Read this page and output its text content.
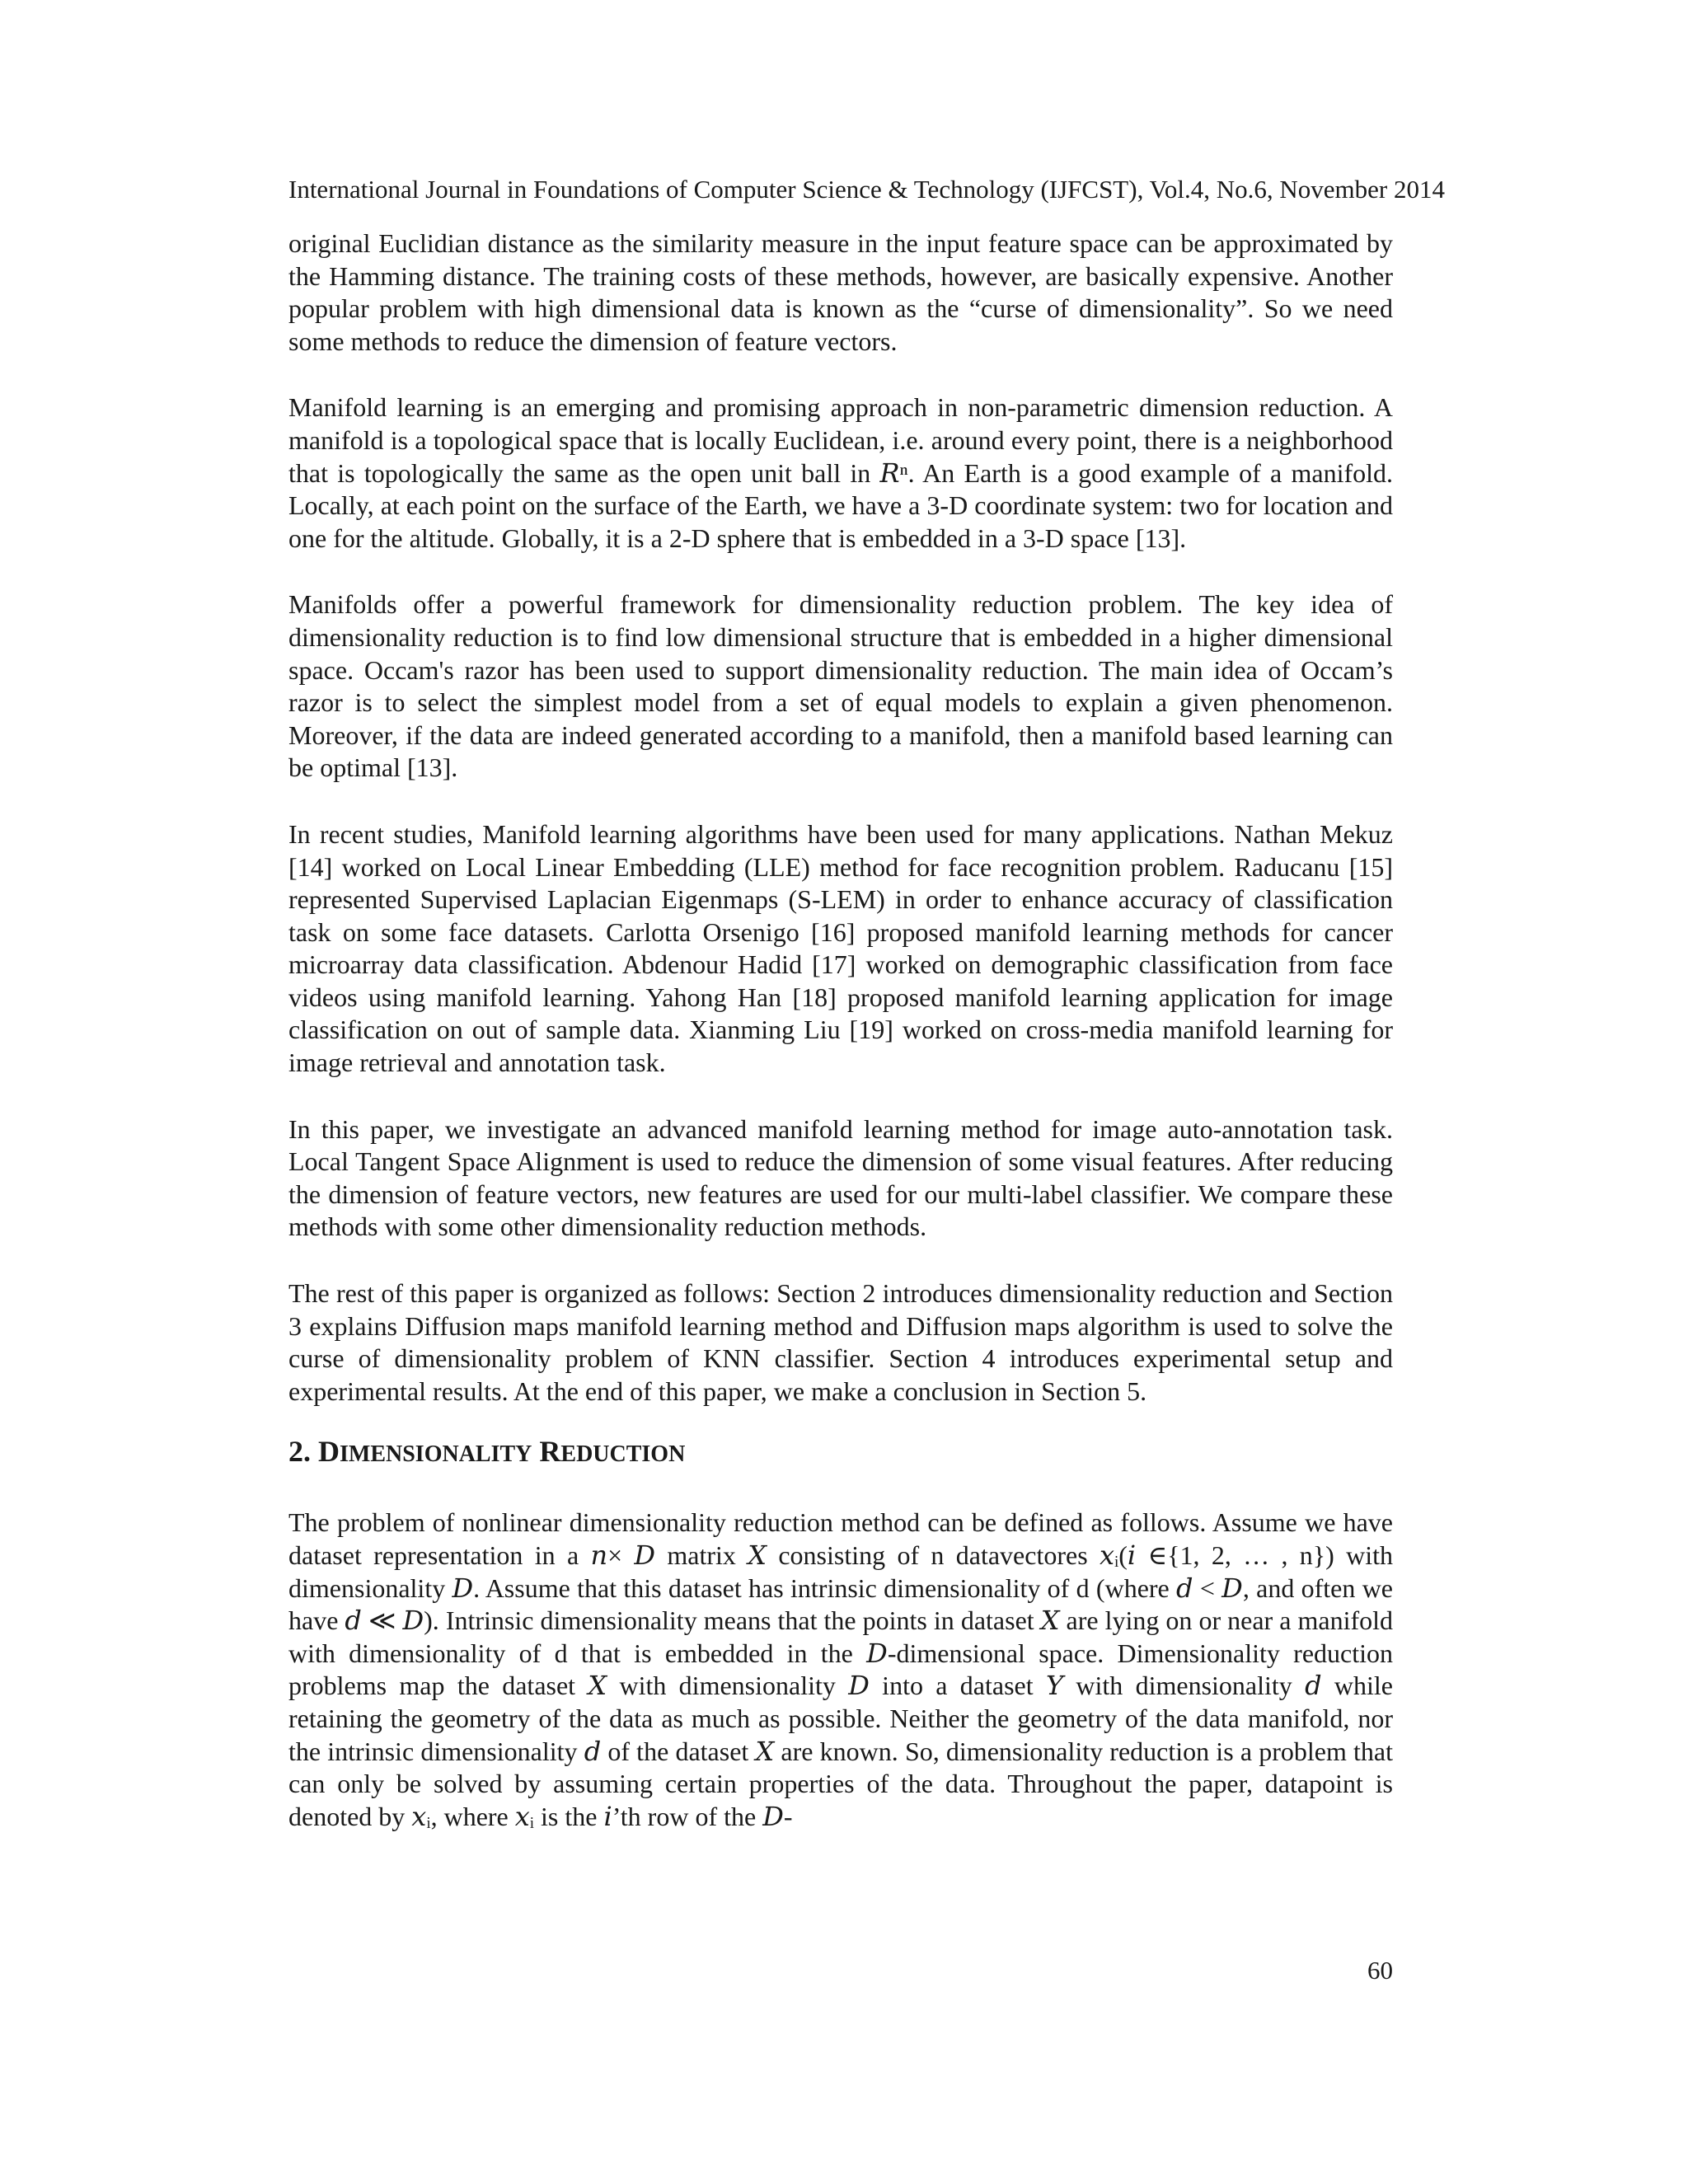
International Journal in Foundations of Computer Science & Technology (IJFCST), Vol.4, No.6, November 2014

original Euclidian distance as the similarity measure in the input feature space can be approximated by the Hamming distance. The training costs of these methods, however, are basically expensive. Another popular problem with high dimensional data is known as the “curse of dimensionality”. So we need some methods to reduce the dimension of feature vectors.

Manifold learning is an emerging and promising approach in non-parametric dimension reduction. A manifold is a topological space that is locally Euclidean, i.e. around every point, there is a neighborhood that is topologically the same as the open unit ball in 𝑅ⁿ. An Earth is a good example of a manifold. Locally, at each point on the surface of the Earth, we have a 3-D coordinate system: two for location and one for the altitude. Globally, it is a 2-D sphere that is embedded in a 3-D space [13].

Manifolds offer a powerful framework for dimensionality reduction problem. The key idea of dimensionality reduction is to find low dimensional structure that is embedded in a higher dimensional space. Occam's razor has been used to support dimensionality reduction. The main idea of Occam’s razor is to select the simplest model from a set of equal models to explain a given phenomenon. Moreover, if the data are indeed generated according to a manifold, then a manifold based learning can be optimal [13].

In recent studies, Manifold learning algorithms have been used for many applications. Nathan Mekuz [14] worked on Local Linear Embedding (LLE) method for face recognition problem. Raducanu [15] represented Supervised Laplacian Eigenmaps (S-LEM) in order to enhance accuracy of classification task on some face datasets. Carlotta Orsenigo [16] proposed manifold learning methods for cancer microarray data classification. Abdenour Hadid [17] worked on demographic classification from face videos using manifold learning. Yahong Han [18] proposed manifold learning application for image classification on out of sample data. Xianming Liu [19] worked on cross-media manifold learning for image retrieval and annotation task.

In this paper, we investigate an advanced manifold learning method for image auto-annotation task. Local Tangent Space Alignment is used to reduce the dimension of some visual features. After reducing the dimension of feature vectors, new features are used for our multi-label classifier. We compare these methods with some other dimensionality reduction methods.

The rest of this paper is organized as follows: Section 2 introduces dimensionality reduction and Section 3 explains Diffusion maps manifold learning method and Diffusion maps algorithm is used to solve the curse of dimensionality problem of KNN classifier. Section 4 introduces experimental setup and experimental results. At the end of this paper, we make a conclusion in Section 5.

2. DIMENSIONALITY REDUCTION

The problem of nonlinear dimensionality reduction method can be defined as follows. Assume we have dataset representation in a 𝑛× 𝐷 matrix 𝑋 consisting of n datavectores 𝑥ᵢ(𝑖 ∈{1, 2, … , n}) with dimensionality 𝐷. Assume that this dataset has intrinsic dimensionality of d (where 𝑑 < 𝐷, and often we have 𝑑 ≪ 𝐷). Intrinsic dimensionality means that the points in dataset 𝑋 are lying on or near a manifold with dimensionality of d that is embedded in the 𝐷-dimensional space. Dimensionality reduction problems map the dataset 𝑋 with dimensionality 𝐷 into a dataset 𝑌 with dimensionality 𝑑 while retaining the geometry of the data as much as possible. Neither the geometry of the data manifold, nor the intrinsic dimensionality 𝑑 of the dataset 𝑋 are known. So, dimensionality reduction is a problem that can only be solved by assuming certain properties of the data. Throughout the paper, datapoint is denoted by 𝑥ᵢ, where 𝑥ᵢ is the 𝑖’th row of the 𝐷-

60
